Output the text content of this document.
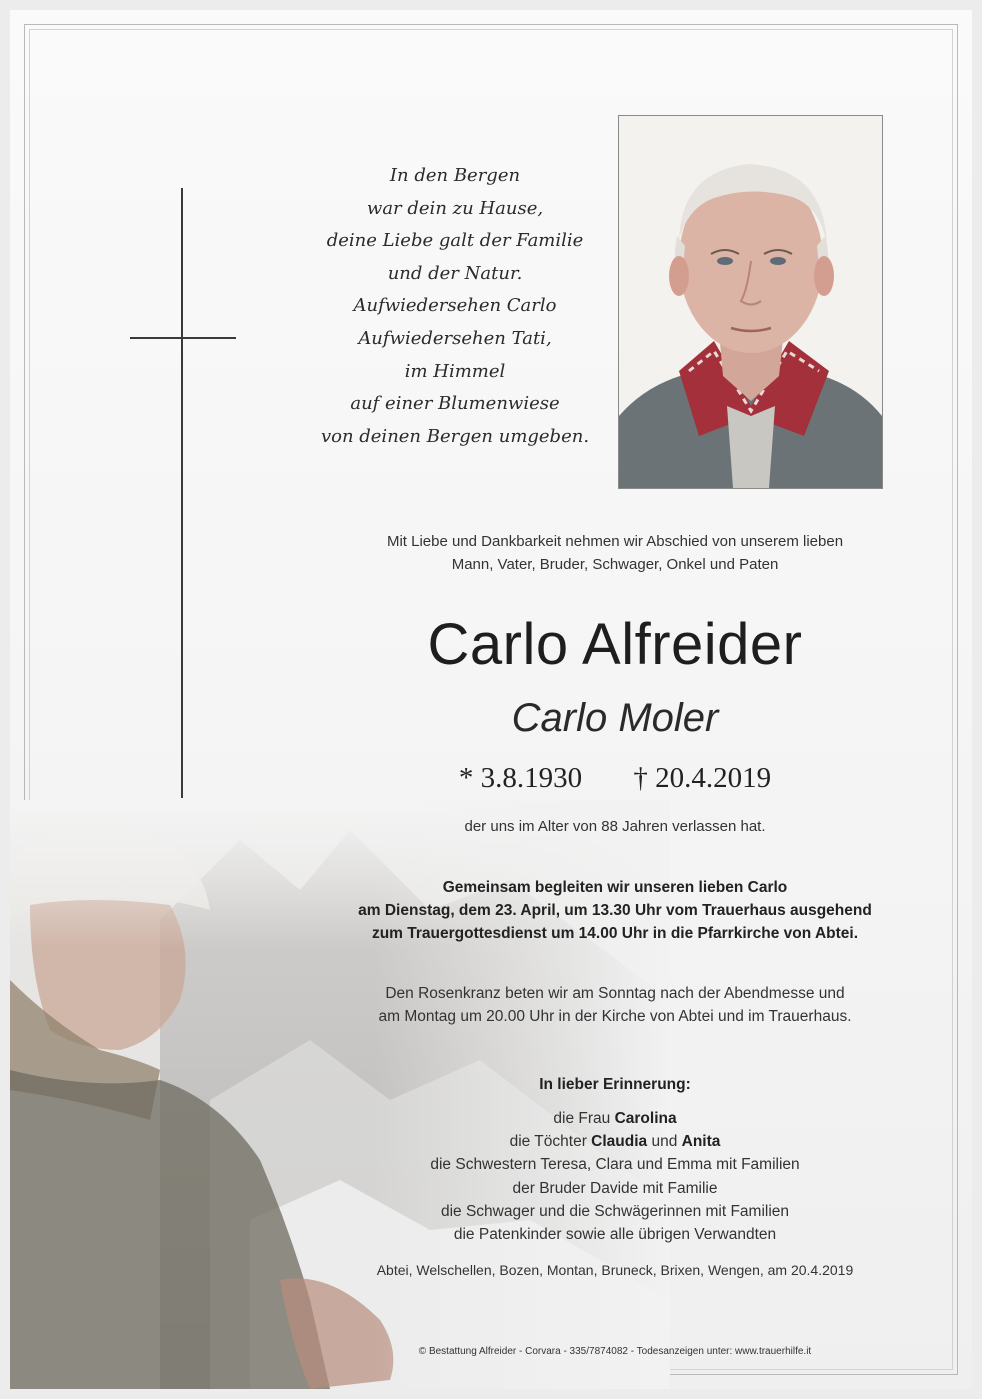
In den Bergen
war dein zu Hause,
deine Liebe galt der Familie
und der Natur.
Aufwiedersehen Carlo
Aufwiedersehen Tati,
im Himmel
auf einer Blumenwiese
von deinen Bergen umgeben.
Mit Liebe und Dankbarkeit nehmen wir Abschied von unserem lieben
Mann, Vater, Bruder, Schwager, Onkel und Paten
Carlo Alfreider
Carlo Moler
* 3.8.1930 † 20.4.2019
der uns im Alter von 88 Jahren verlassen hat.
Gemeinsam begleiten wir unseren lieben Carlo
am Dienstag, dem 23. April, um 13.30 Uhr vom Trauerhaus ausgehend
zum Trauergottesdienst um 14.00 Uhr in die Pfarrkirche von Abtei.
Den Rosenkranz beten wir am Sonntag nach der Abendmesse und
am Montag um 20.00 Uhr in der Kirche von Abtei und im Trauerhaus.
In lieber Erinnerung:
die Frau Carolina
die Töchter Claudia und Anita
die Schwestern Teresa, Clara und Emma mit Familien
der Bruder Davide mit Familie
die Schwager und die Schwägerinnen mit Familien
die Patenkinder sowie alle übrigen Verwandten
Abtei, Welschellen, Bozen, Montan, Bruneck, Brixen, Wengen, am 20.4.2019
© Bestattung Alfreider - Corvara - 335/7874082 - Todesanzeigen unter: www.trauerhilfe.it
